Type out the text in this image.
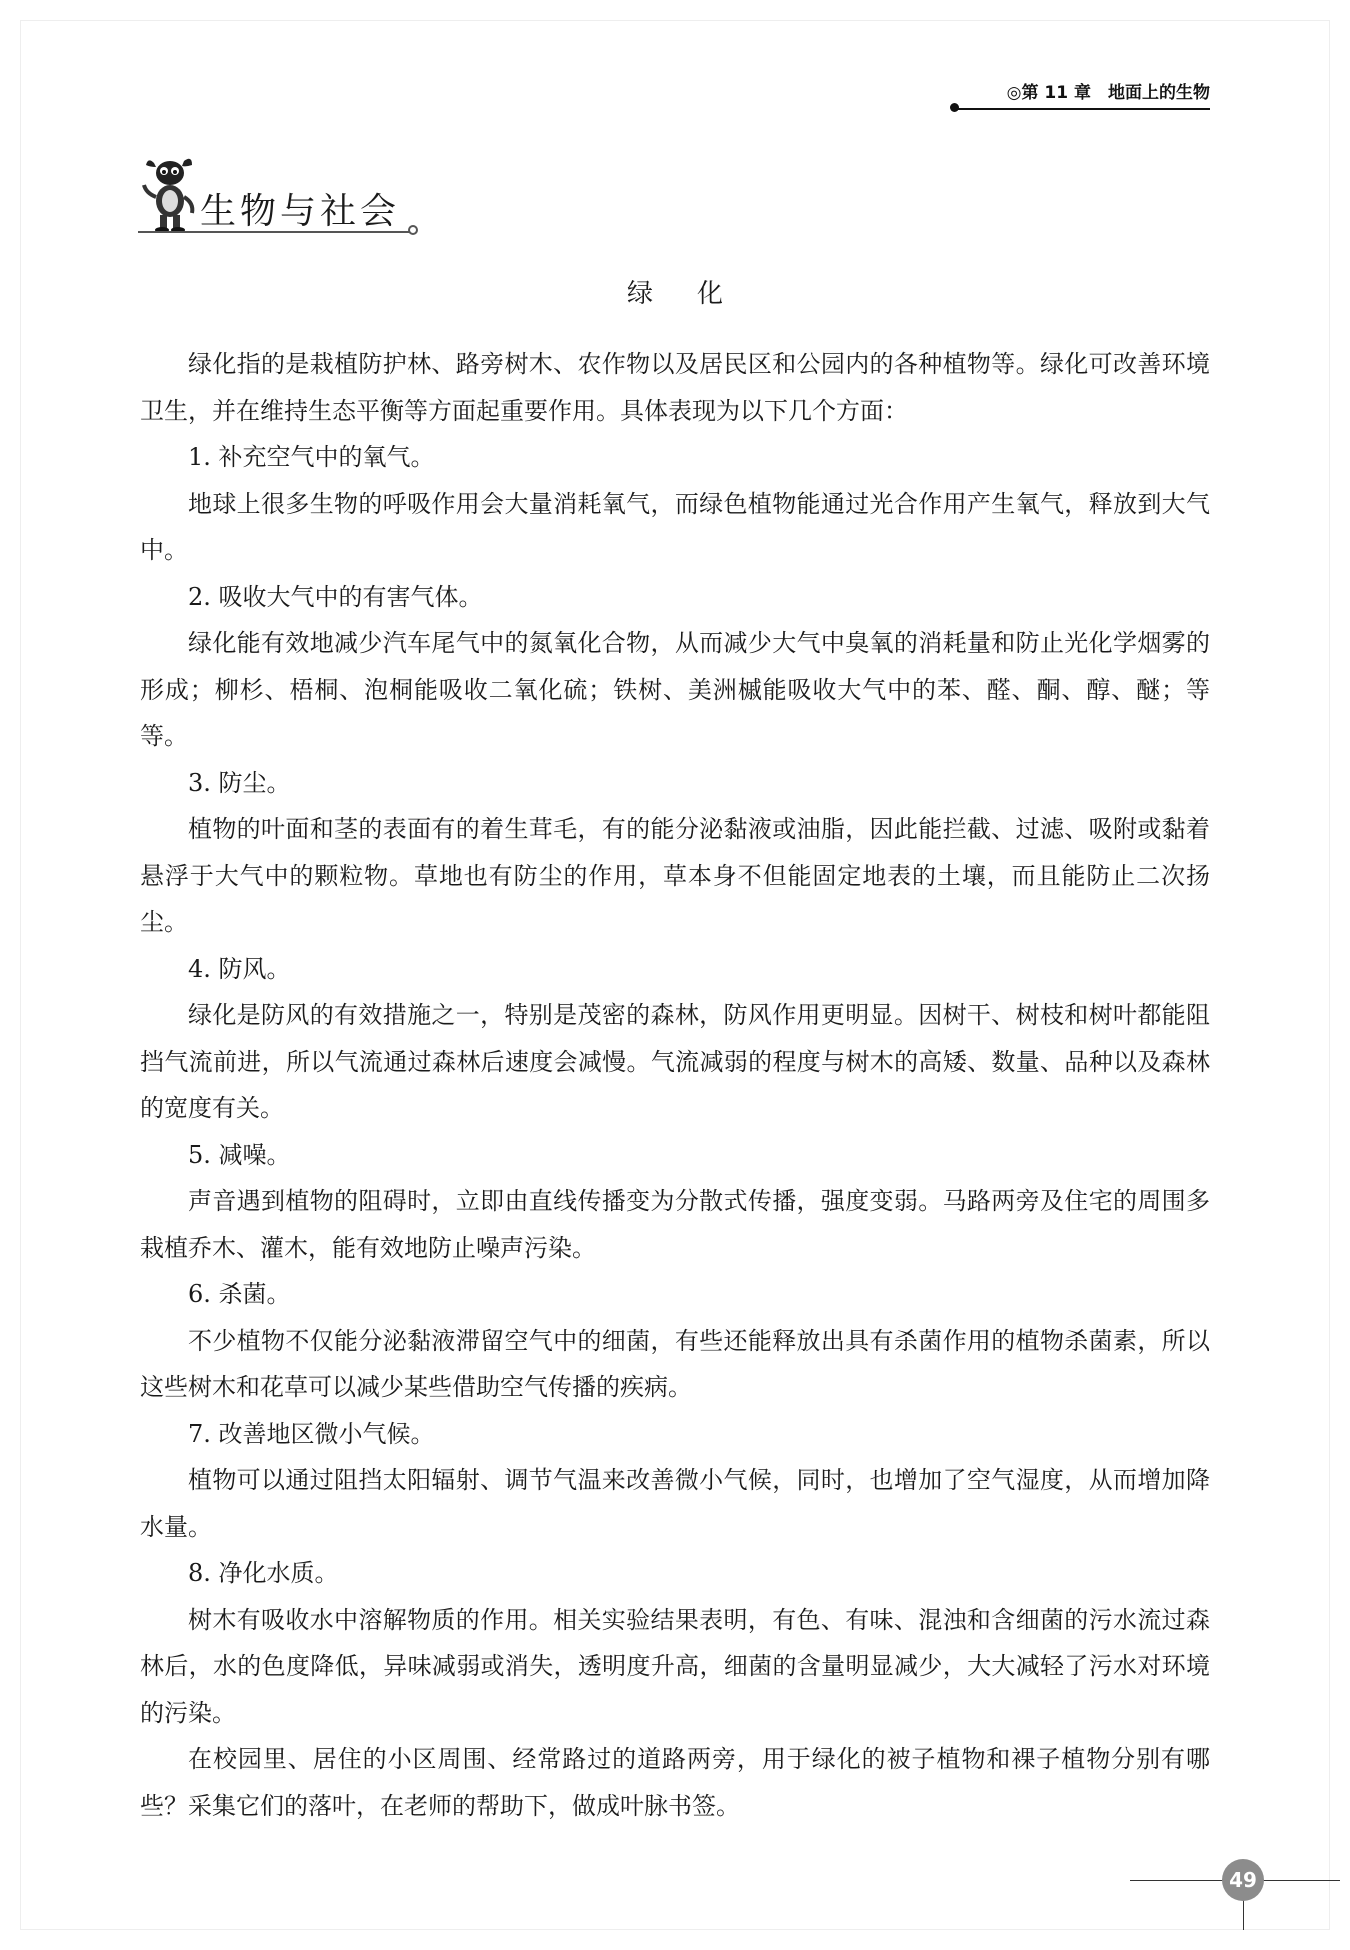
◎第 11 章　地面上的生物
生物与社会
绿化

绿化指的是栽植防护林、路旁树木、农作物以及居民区和公园内的各种植物等。绿化可改善环境卫生，并在维持生态平衡等方面起重要作用。具体表现为以下几个方面：

1. 补充空气中的氧气。

地球上很多生物的呼吸作用会大量消耗氧气，而绿色植物能通过光合作用产生氧气，释放到大气中。

2. 吸收大气中的有害气体。

绿化能有效地减少汽车尾气中的氮氧化合物，从而减少大气中臭氧的消耗量和防止光化学烟雾的形成；柳杉、梧桐、泡桐能吸收二氧化硫；铁树、美洲槭能吸收大气中的苯、醛、酮、醇、醚；等等。

3. 防尘。

植物的叶面和茎的表面有的着生茸毛，有的能分泌黏液或油脂，因此能拦截、过滤、吸附或黏着悬浮于大气中的颗粒物。草地也有防尘的作用，草本身不但能固定地表的土壤，而且能防止二次扬尘。

4. 防风。

绿化是防风的有效措施之一，特别是茂密的森林，防风作用更明显。因树干、树枝和树叶都能阻挡气流前进，所以气流通过森林后速度会减慢。气流减弱的程度与树木的高矮、数量、品种以及森林的宽度有关。

5. 减噪。

声音遇到植物的阻碍时，立即由直线传播变为分散式传播，强度变弱。马路两旁及住宅的周围多栽植乔木、灌木，能有效地防止噪声污染。

6. 杀菌。

不少植物不仅能分泌黏液滞留空气中的细菌，有些还能释放出具有杀菌作用的植物杀菌素，所以这些树木和花草可以减少某些借助空气传播的疾病。

7. 改善地区微小气候。

植物可以通过阻挡太阳辐射、调节气温来改善微小气候，同时，也增加了空气湿度，从而增加降水量。

8. 净化水质。

树木有吸收水中溶解物质的作用。相关实验结果表明，有色、有味、混浊和含细菌的污水流过森林后，水的色度降低，异味减弱或消失，透明度升高，细菌的含量明显减少，大大减轻了污水对环境的污染。

在校园里、居住的小区周围、经常路过的道路两旁，用于绿化的被子植物和裸子植物分别有哪些？采集它们的落叶，在老师的帮助下，做成叶脉书签。

49
